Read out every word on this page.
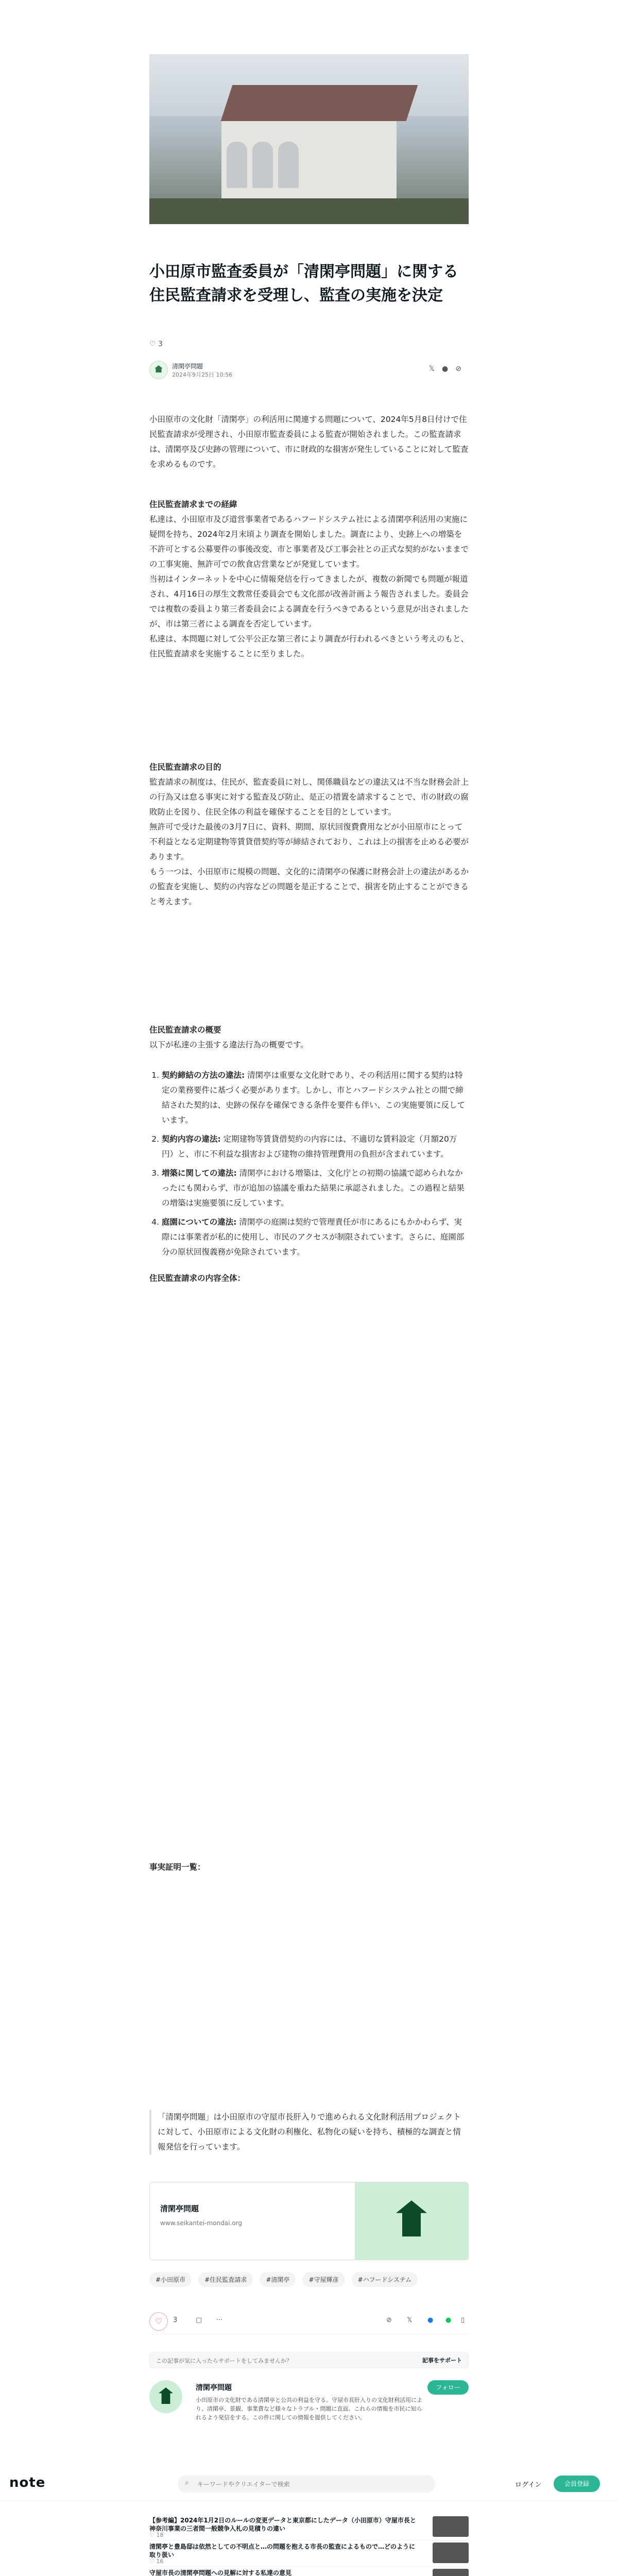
小田原市監査委員が「清閑亭問題」に関する住民監査請求を受理し、監査の実施を決定
♡ 3
清閑亭問題
2024年9月25日 10:56
𝕏●⊘

小田原市の文化財「清閑亭」の利活用に関連する問題について、2024年5月8日付けで住民監査請求が受理され、小田原市監査委員による監査が開始されました。この監査請求は、清閑亭及び史跡の管理について、市に財政的な損害が発生していることに対して監査を求めるものです。

住民監査請求までの経緯

私達は、小田原市及び道営事業者であるハフードシステム社による清閑亭利活用の実施に疑問を持ち、2024年2月末頃より調査を開始しました。調査により、史跡上への増築を不許可とする公募要件の事後改変、市と事業者及び工事会社との正式な契約がないままでの工事実施、無許可での飲食店営業などが発覚しています。

当初はインターネットを中心に情報発信を行ってきましたが、複数の新聞でも問題が報道され、4月16日の厚生文教常任委員会でも文化部が改善計画よう報告されました。委員会では複数の委員より第三者委員会による調査を行うべきであるという意見が出されましたが、市は第三者による調査を否定しています。

私達は、本問題に対して公平公正な第三者により調査が行われるべきという考えのもと、住民監査請求を実施することに至りました。

住民監査請求の目的

監査請求の制度は、住民が、監査委員に対し、関係職員などの違法又は不当な財務会計上の行為又は怠る事実に対する監査及び防止、是正の措置を請求することで、市の財政の腐敗防止を図り、住民全体の利益を確保することを目的としています。

無許可で受けた最後の3月7日に、資料、期間、原状回復費費用などが小田原市にとって不利益となる定期建物等賃貸借契約等が締結されており、これは上の損害を止める必要があります。

もう一つは、小田原市に規模の問題、文化的に清閑亭の保護に財務会計上の違法があるかの監査を実施し、契約の内容などの問題を是正することで、損害を防止することができると考えます。

住民監査請求の概要

以下が私達の主張する違法行為の概要です。

1. 契約締結の方法の違法: 清閑亭は重要な文化財であり、その利活用に関する契約は特定の業務要件に基づく必要があります。しかし、市とハフードシステム社との間で締結された契約は、史跡の保存を確保できる条件を要件も伴い、この実施要領に反しています。
2. 契約内容の違法: 定期建物等賃貸借契約の内容には、不適切な賃料設定（月額20万円）と、市に不利益な損害および建物の維持管理費用の負担が含まれています。
3. 増築に関しての違法: 清閑亭における増築は、文化庁との初期の協議で認められなかったにも関わらず、市が追加の協議を重ねた結果に承認されました。この過程と結果の増築は実施要領に反しています。
4. 庭園についての違法: 清閑亭の庭園は契約で管理責任が市にあるにもかかわらず、実際には事業者が私的に使用し、市民のアクセスが制限されています。さらに、庭園部分の原状回復義務が免除されています。
住民監査請求の内容全体：
事実証明一覧：
「清閑亭問題」は小田原市の守屋市長肝入りで進められる文化財利活用プロジェクトに対して、小田原市による文化財の利権化、私物化の疑いを持ち、積極的な調査と情報発信を行っています。
清閑亭問題
www.seikantei-mondai.org
#小田原市	#住民監査請求	#清閑亭	#守屋輝彦	#ハフードシステム
♡	3	▢ ···	⊘ 𝕏 ● ● ▯
この記事が気に入ったらサポートをしてみませんか？	記事をサポート
清閑亭問題
小田原市の文化財である清閑亭と公共の利益を守る。守屋市長肝入りの文化財利活用により、清閑亭、景観、事業費など様々なトラブル・問題に直面。これらの情報を市民に知られるよう発信をする。この件に関しての情報を提供してください。
フォロー
note	⌕
キーワードやクリエイターで検索	ログイン	会員登録
【参考編】2024年1月2日のルールの変更データと東京都にしたデータ（小田原市）守屋市長と神奈川事業の三者間一般競争入札の見積りの違い
♡ 18
清閑亭と豊島邸は依然としての不明点と…の問題を抱える市長の監査によるもので…どのように取り扱い
♡ 16
守屋市長の清閑亭問題への見解に対する私達の意見
